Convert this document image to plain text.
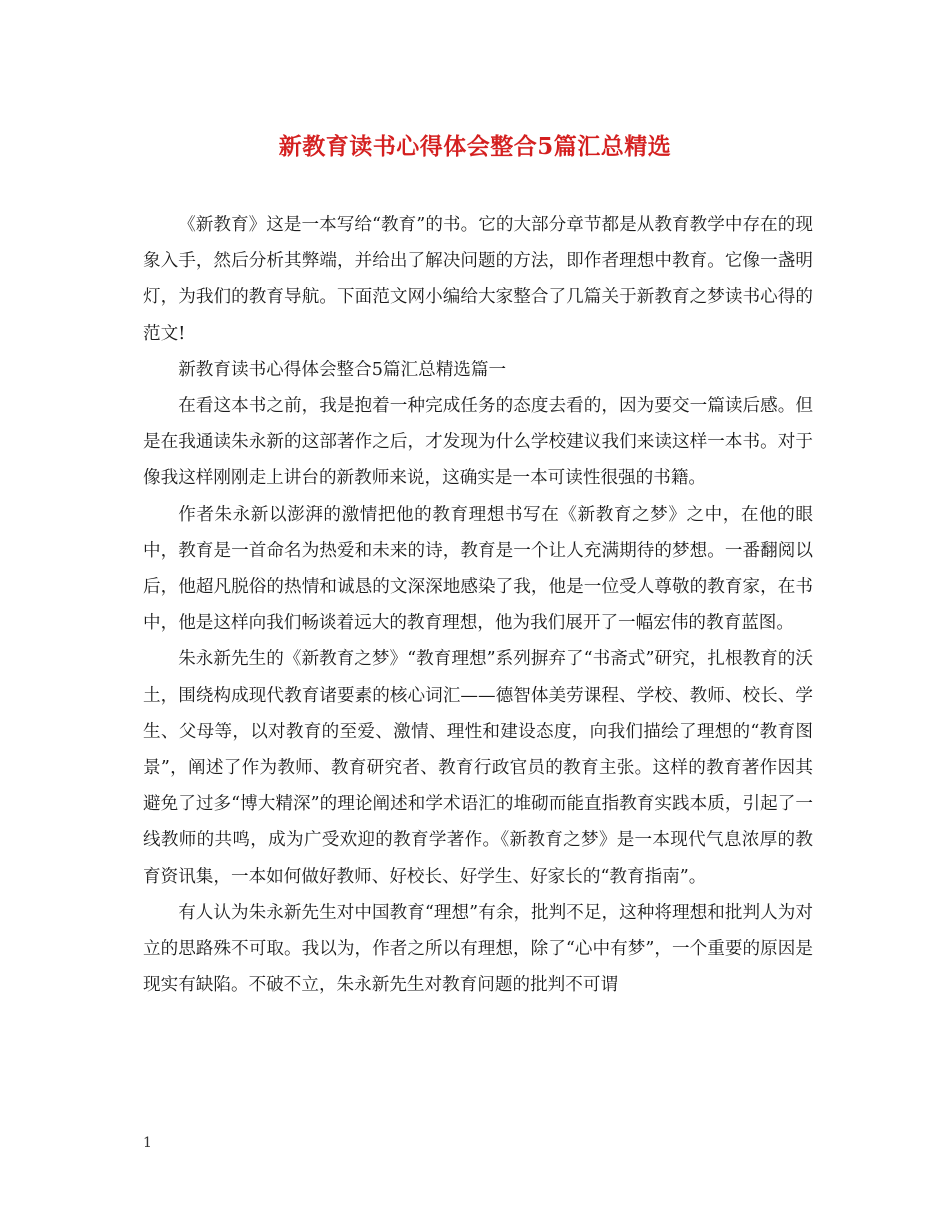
新教育读书心得体会整合5篇汇总精选

《新教育》这是一本写给“教育”的书。它的大部分章节都是从教育教学中存在的现象入手，然后分析其弊端，并给出了解决问题的方法，即作者理想中教育。它像一盏明灯，为我们的教育导航。下面范文网小编给大家整合了几篇关于新教育之梦读书心得的范文!

新教育读书心得体会整合5篇汇总精选篇一

在看这本书之前，我是抱着一种完成任务的态度去看的，因为要交一篇读后感。但是在我通读朱永新的这部著作之后，才发现为什么学校建议我们来读这样一本书。对于像我这样刚刚走上讲台的新教师来说，这确实是一本可读性很强的书籍。

作者朱永新以澎湃的激情把他的教育理想书写在《新教育之梦》之中，在他的眼中，教育是一首命名为热爱和未来的诗，教育是一个让人充满期待的梦想。一番翻阅以后，他超凡脱俗的热情和诚恳的文深深地感染了我，他是一位受人尊敬的教育家，在书中，他是这样向我们畅谈着远大的教育理想，他为我们展开了一幅宏伟的教育蓝图。

朱永新先生的《新教育之梦》“教育理想”系列摒弃了“书斋式”研究，扎根教育的沃土，围绕构成现代教育诸要素的核心词汇——德智体美劳课程、学校、教师、校长、学生、父母等，以对教育的至爱、激情、理性和建设态度，向我们描绘了理想的“教育图景”，阐述了作为教师、教育研究者、教育行政官员的教育主张。这样的教育著作因其避免了过多“博大精深”的理论阐述和学术语汇的堆砌而能直指教育实践本质，引起了一线教师的共鸣，成为广受欢迎的教育学著作。《新教育之梦》是一本现代气息浓厚的教育资讯集，一本如何做好教师、好校长、好学生、好家长的“教育指南”。

有人认为朱永新先生对中国教育“理想”有余，批判不足，这种将理想和批判人为对立的思路殊不可取。我以为，作者之所以有理想，除了“心中有梦”，一个重要的原因是现实有缺陷。不破不立，朱永新先生对教育问题的批判不可谓

1
